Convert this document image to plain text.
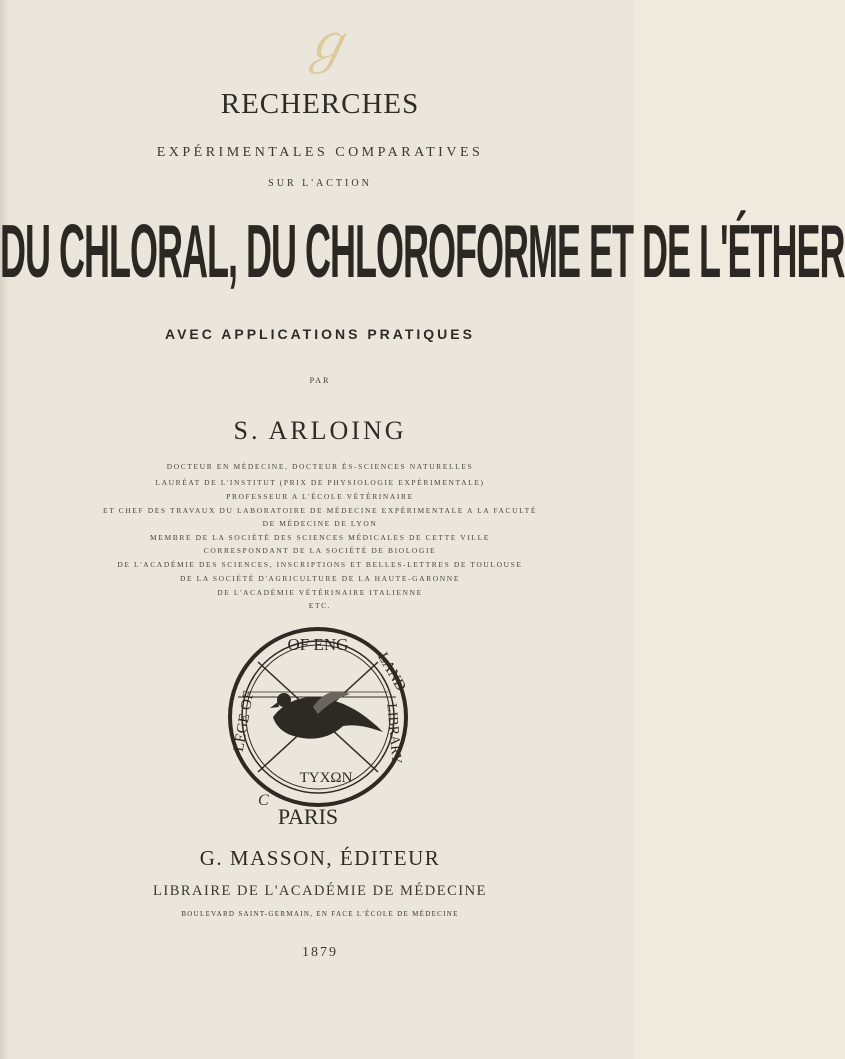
ℊ
RECHERCHES
EXPÉRIMENTALES COMPARATIVES
SUR L'ACTION
DU CHLORAL, DU CHLOROFORME ET DE L'ÉTHER
AVEC APPLICATIONS PRATIQUES
PAR
S. ARLOING
DOCTEUR EN MÉDECINE, DOCTEUR ÈS-SCIENCES NATURELLES
LAURÉAT DE L'INSTITUT (PRIX DE PHYSIOLOGIE EXPÉRIMENTALE)
PROFESSEUR A L'ÉCOLE VÉTÉRINAIRE
ET CHEF DES TRAVAUX DU LABORATOIRE DE MÉDECINE EXPÉRIMENTALE A LA FACULTÉ
DE MÉDECINE DE LYON
MEMBRE DE LA SOCIÉTÉ DES SCIENCES MÉDICALES DE CETTE VILLE
CORRESPONDANT DE LA SOCIÉTÉ DE BIOLOGIE
DE L'ACADÉMIE DES SCIENCES, INSCRIPTIONS ET BELLES-LETTRES DE TOULOUSE
DE LA SOCIÉTÉ D'AGRICULTURE DE LA HAUTE-GARONNE
DE L'ACADÉMIE VÉTÉRINAIRE ITALIENNE
ETC.
OF ENG
LEGE OF
LAND
LIBRARY
ΤΥΧΩΝ
PARIS
C
G. MASSON, ÉDITEUR
LIBRAIRE DE L'ACADÉMIE DE MÉDECINE
BOULEVARD SAINT-GERMAIN, EN FACE L'ÉCOLE DE MÉDECINE
1879
